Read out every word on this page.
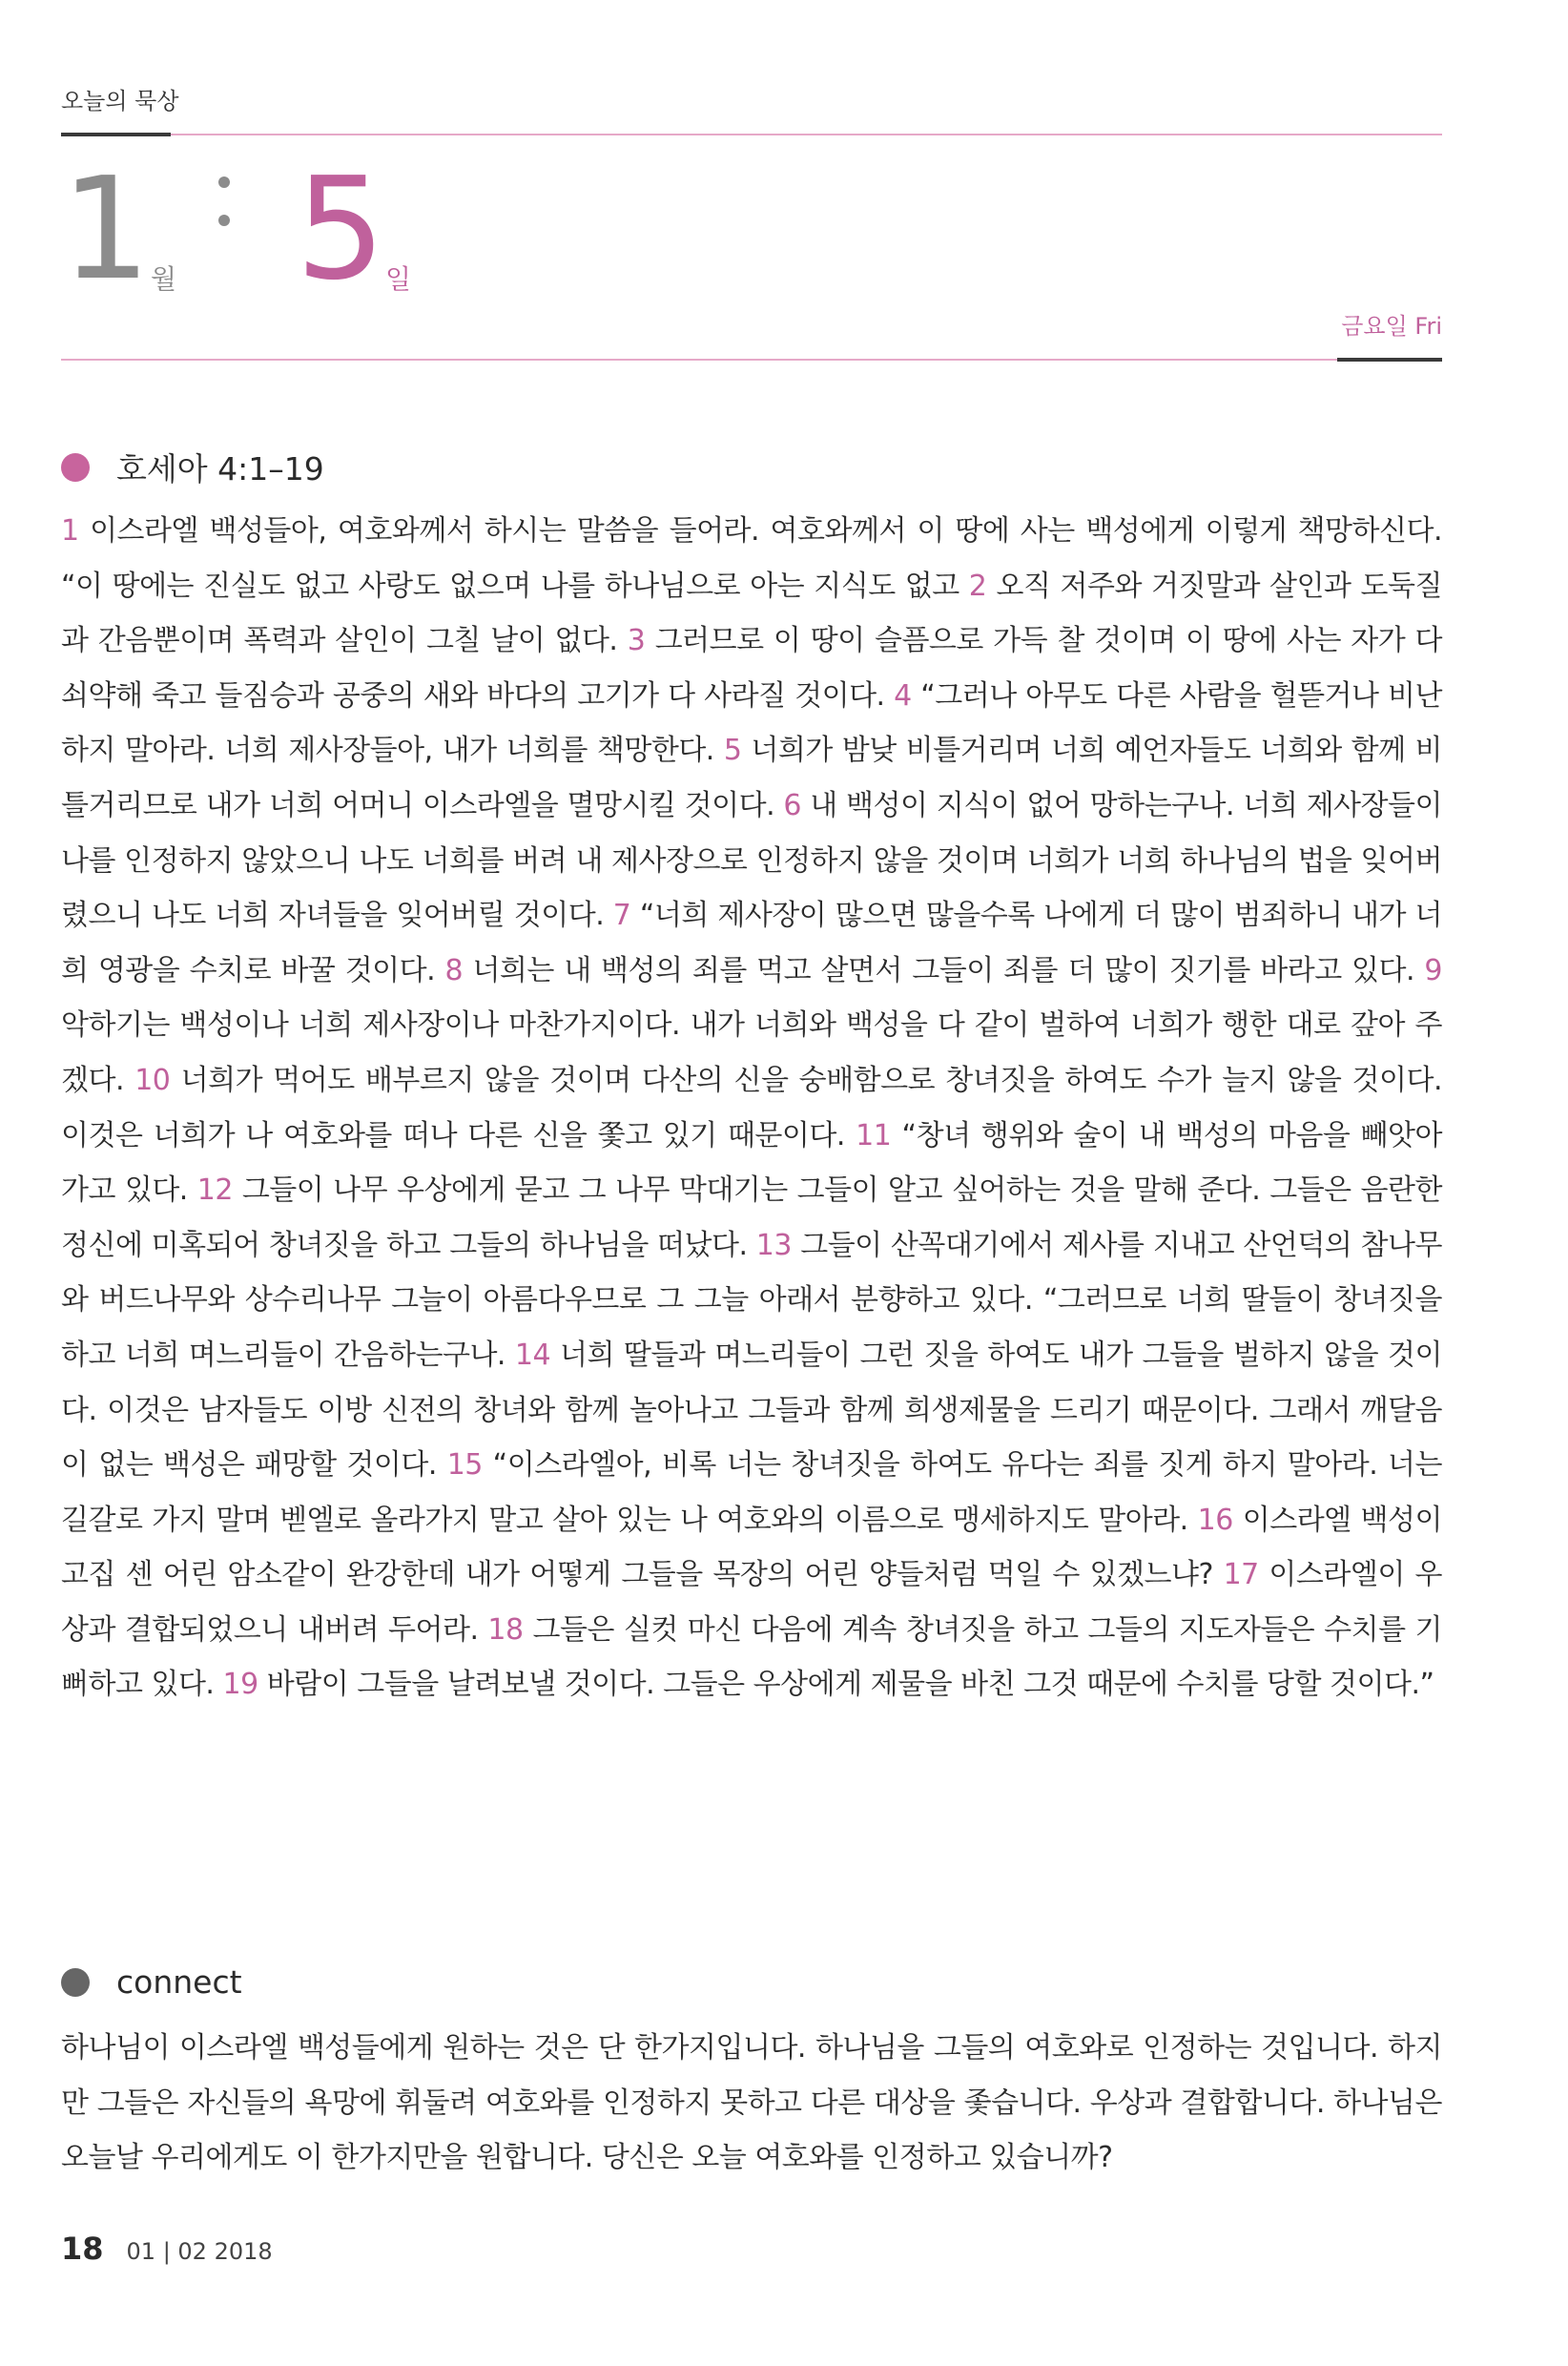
오늘의 묵상
1 월 5 일
금요일 Fri
호세아 4:1–19
1 이스라엘 백성들아, 여호와께서 하시는 말씀을 들어라. 여호와께서 이 땅에 사는 백성에게 이렇게 책망하신다. “이 땅에는 진실도 없고 사랑도 없으며 나를 하나님으로 아는 지식도 없고 2 오직 저주와 거짓말과 살인과 도둑질과 간음뿐이며 폭력과 살인이 그칠 날이 없다. 3 그러므로 이 땅이 슬픔으로 가득 찰 것이며 이 땅에 사는 자가 다 쇠약해 죽고 들짐승과 공중의 새와 바다의 고기가 다 사라질 것이다. 4 “그러나 아무도 다른 사람을 헐뜯거나 비난하지 말아라. 너희 제사장들아, 내가 너희를 책망한다. 5 너희가 밤낮 비틀거리며 너희 예언자들도 너희와 함께 비틀거리므로 내가 너희 어머니 이스라엘을 멸망시킬 것이다. 6 내 백성이 지식이 없어 망하는구나. 너희 제사장들이 나를 인정하지 않았으니 나도 너희를 버려 내 제사장으로 인정하지 않을 것이며 너희가 너희 하나님의 법을 잊어버렸으니 나도 너희 자녀들을 잊어버릴 것이다. 7 “너희 제사장이 많으면 많을수록 나에게 더 많이 범죄하니 내가 너희 영광을 수치로 바꿀 것이다. 8 너희는 내 백성의 죄를 먹고 살면서 그들이 죄를 더 많이 짓기를 바라고 있다. 9 악하기는 백성이나 너희 제사장이나 마찬가지이다. 내가 너희와 백성을 다 같이 벌하여 너희가 행한 대로 갚아 주겠다. 10 너희가 먹어도 배부르지 않을 것이며 다산의 신을 숭배함으로 창녀짓을 하여도 수가 늘지 않을 것이다. 이것은 너희가 나 여호와를 떠나 다른 신을 쫓고 있기 때문이다. 11 “창녀 행위와 술이 내 백성의 마음을 빼앗아 가고 있다. 12 그들이 나무 우상에게 묻고 그 나무 막대기는 그들이 알고 싶어하는 것을 말해 준다. 그들은 음란한 정신에 미혹되어 창녀짓을 하고 그들의 하나님을 떠났다. 13 그들이 산꼭대기에서 제사를 지내고 산언덕의 참나무와 버드나무와 상수리나무 그늘이 아름다우므로 그 그늘 아래서 분향하고 있다. “그러므로 너희 딸들이 창녀짓을 하고 너희 며느리들이 간음하는구나. 14 너희 딸들과 며느리들이 그런 짓을 하여도 내가 그들을 벌하지 않을 것이다. 이것은 남자들도 이방 신전의 창녀와 함께 놀아나고 그들과 함께 희생제물을 드리기 때문이다. 그래서 깨달음이 없는 백성은 패망할 것이다. 15 “이스라엘아, 비록 너는 창녀짓을 하여도 유다는 죄를 짓게 하지 말아라. 너는 길갈로 가지 말며 벧엘로 올라가지 말고 살아 있는 나 여호와의 이름으로 맹세하지도 말아라. 16 이스라엘 백성이 고집 센 어린 암소같이 완강한데 내가 어떻게 그들을 목장의 어린 양들처럼 먹일 수 있겠느냐? 17 이스라엘이 우상과 결합되었으니 내버려 두어라. 18 그들은 실컷 마신 다음에 계속 창녀짓을 하고 그들의 지도자들은 수치를 기뻐하고 있다. 19 바람이 그들을 날려보낼 것이다. 그들은 우상에게 제물을 바친 그것 때문에 수치를 당할 것이다.”
connect
하나님이 이스라엘 백성들에게 원하는 것은 단 한가지입니다. 하나님을 그들의 여호와로 인정하는 것입니다. 하지만 그들은 자신들의 욕망에 휘둘려 여호와를 인정하지 못하고 다른 대상을 좇습니다. 우상과 결합합니다. 하나님은 오늘날 우리에게도 이 한가지만을 원합니다. 당신은 오늘 여호와를 인정하고 있습니까?
18 01 | 02 2018
